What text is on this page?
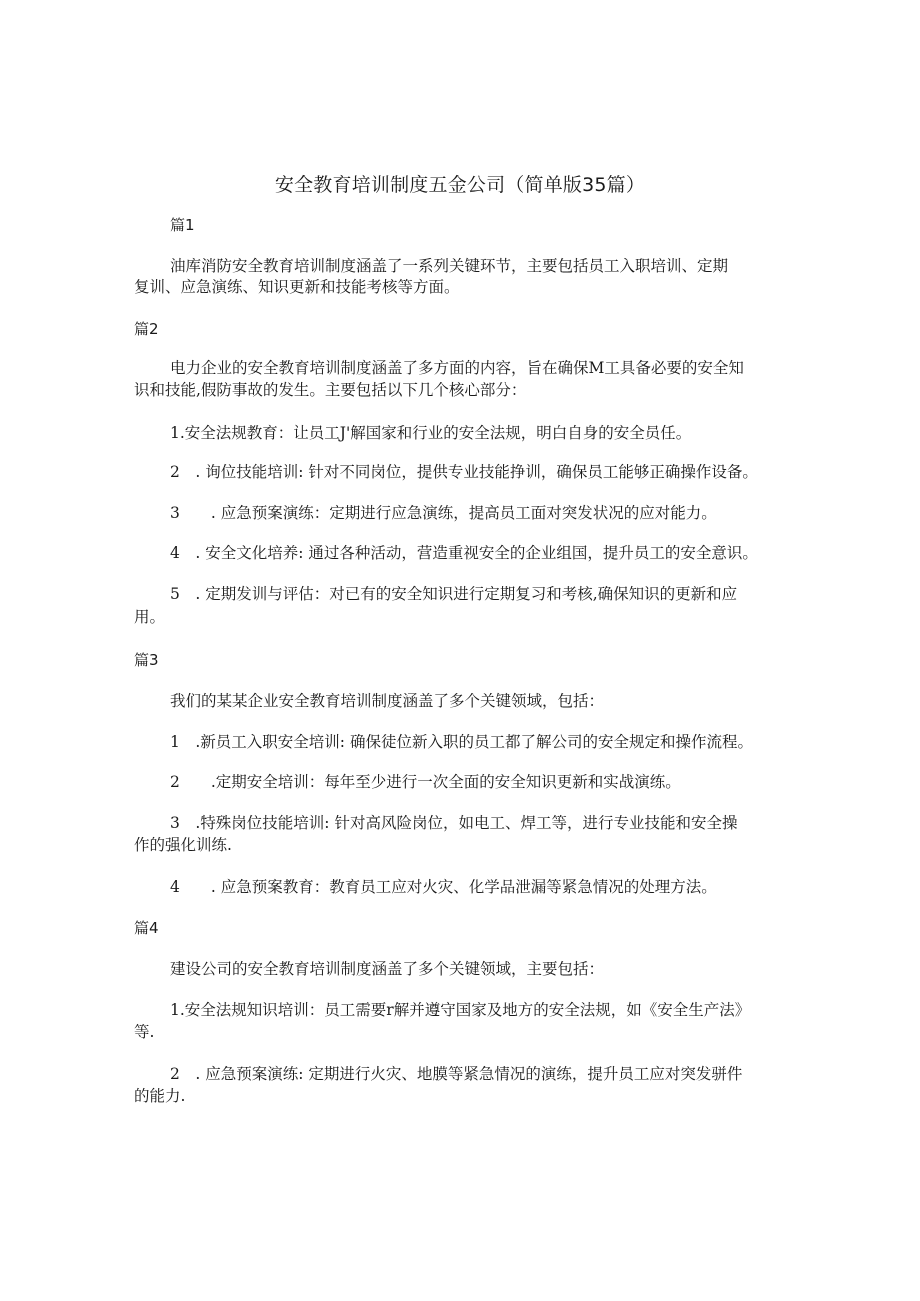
安全教育培训制度五金公司（简单版35篇）
篇1
油库消防安全教育培训制度涵盖了一系列关键环节，主要包括员工入职培训、定期
复训、应急演练、知识更新和技能考核等方面。
篇2
电力企业的安全教育培训制度涵盖了多方面的内容，旨在确保M工具备必要的安全知
识和技能,假防事故的发生。主要包括以下几个核心部分：
1.安全法规教育：让员工J'解国家和行业的安全法规，明白自身的安全员任。
2　. 询位技能培训: 针对不同岗位，提供专业技能挣训，确保员工能够正确操作设备。
3　　. 应急预案演练：定期进行应急演练，提高员工面对突发状况的应对能力。
4　. 安全文化培养: 通过各种活动，营造重视安全的企业组国，提升员工的安全意识。
5　. 定期发训与评估：对已有的安全知识进行定期复习和考核,确保知识的更新和应
用。
篇3
我们的某某企业安全教育培训制度涵盖了多个关键领域，包括：
1　.新员工入职安全培训: 确保徒位新入职的员工都了解公司的安全规定和操作流程。
2　　.定期安全培训：每年至少进行一次全面的安全知识更新和实战演练。
3　.特殊岗位技能培训: 针对高风险岗位，如电工、焊工等，进行专业技能和安全操
作的强化训练.
4　　. 应急预案教育：教育员工应对火灾、化学品泄漏等紧急情况的处理方法。
篇4
建设公司的安全教育培训制度涵盖了多个关键领域，主要包括：
1.安全法规知识培训：员工需要r解并遵守国家及地方的安全法规，如《安全生产法》
等.
2　. 应急预案演练: 定期进行火灾、地膜等紧急情况的演练，提升员工应对突发骈件
的能力.
